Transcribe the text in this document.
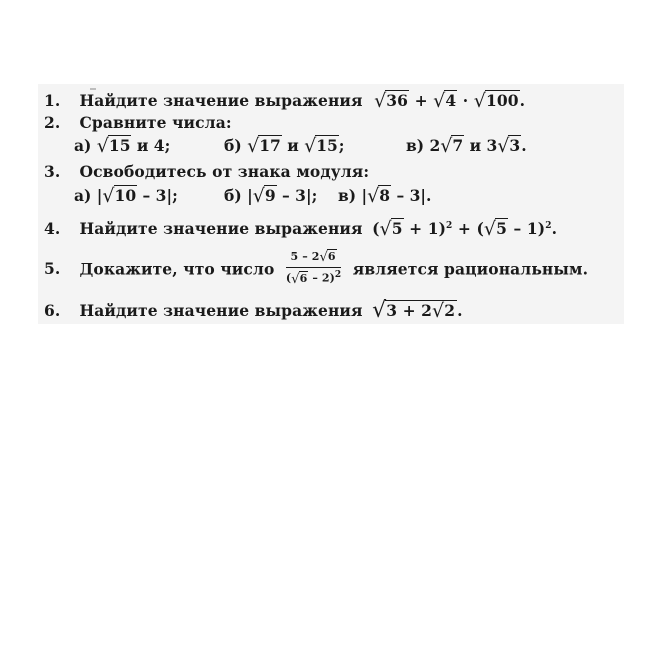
1. Найдите значение выражения √36 + √4 · √100.
2. Сравните числа:
а) √15 и 4;	б) √17 и √15;	в) 2√7 и 3√3.
3. Освободитесь от знака модуля:
а) |√10 – 3|;	б) |√9 – 3|; в) |√8 – 3|.
4. Найдите значение выражения $(√5 + 1)^2 + (√5 - 1)^2$.
5. Докажите, что число $\frac{5 - 2√6}{(√6 - 2)^2}$ является рациональным.
6. Найдите значение выражения √3 + 2√2 .
